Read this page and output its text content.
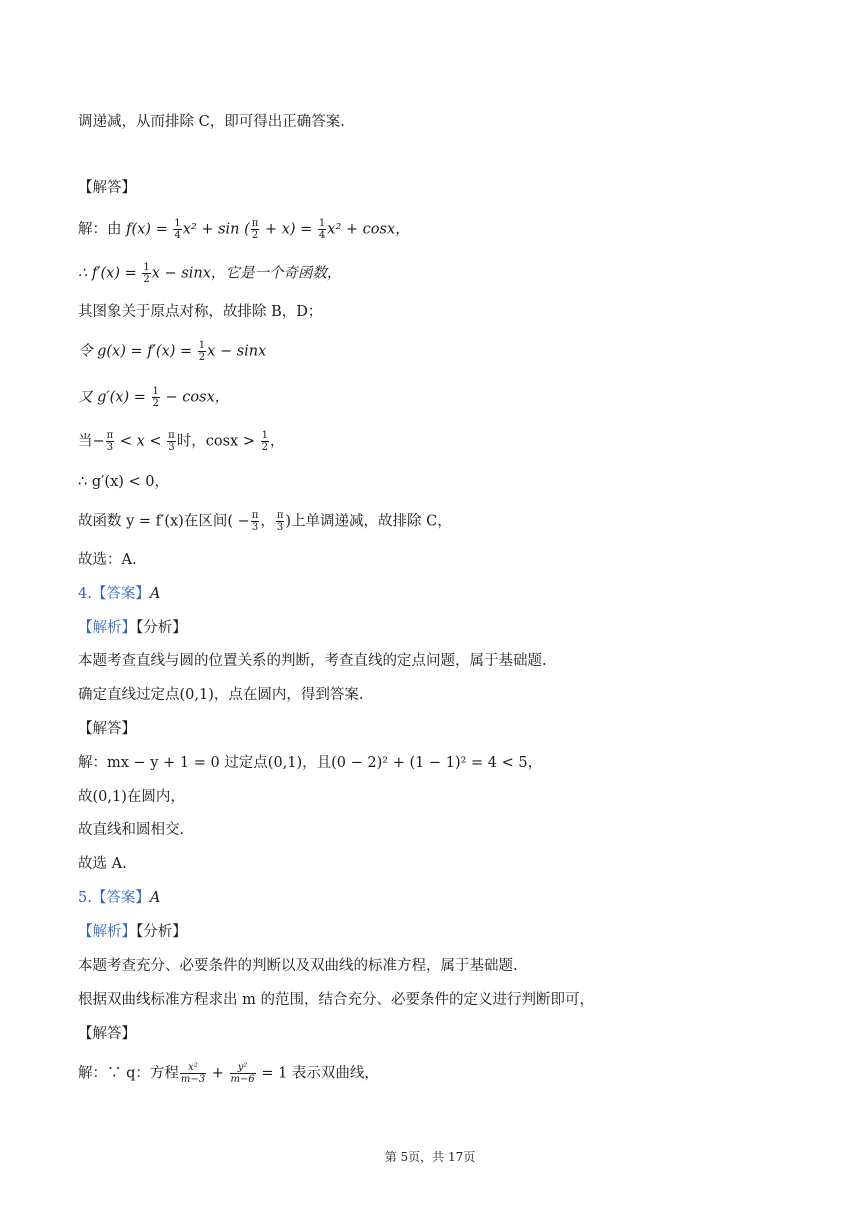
调递减，从而排除 C，即可得出正确答案.
【解答】
解：由 $f(x) = \frac{1}{4} x^2 + \sin$ ( $\frac{\pi}{2} + x) = \frac{1}{4} x^2 + \cos x$，
∴ $f'(x) = \frac{1}{2}$ x − sinx，它是一个奇函数，
其图象关于原点对称，故排除 B，D；
令 $g(x) = f'(x) = \frac{1}{2}$ x − sinx
又 $g'(x) = \frac{1}{2} - \cos x$，
当− $\frac{\pi}{3} < x < \frac{\pi}{3}$ 时，$\cos x > \frac{1}{2}$ ，
∴ g′(x) < 0，
故函数 y = f′(x)在区间( − $\frac{\pi}{3}$ ， $\frac{\pi}{3}$ )上单调递减，故排除 C，
故选：A.
4.【答案】A
【解析】【分析】
本题考查直线与圆的位置关系的判断，考查直线的定点问题，属于基础题.
确定直线过定点(0,1)，点在圆内，得到答案.
【解答】
解：mx − y + 1 = 0 过定点(0,1)，且(0 − 2)² + (1 − 1)² = 4 < 5，
故(0,1)在圆内，
故直线和圆相交.
故选 A.
5.【答案】A
【解析】【分析】
本题考查充分、必要条件的判断以及双曲线的标准方程，属于基础题.
根据双曲线标准方程求出 m 的范围，结合充分、必要条件的定义进行判断即可，
【解答】
解：∵ q：方程 $\frac{\text{x²}}{m-3} + \frac{\text{y²}}{m-6} = 1$ 表示双曲线，
第 5页，共 17页
